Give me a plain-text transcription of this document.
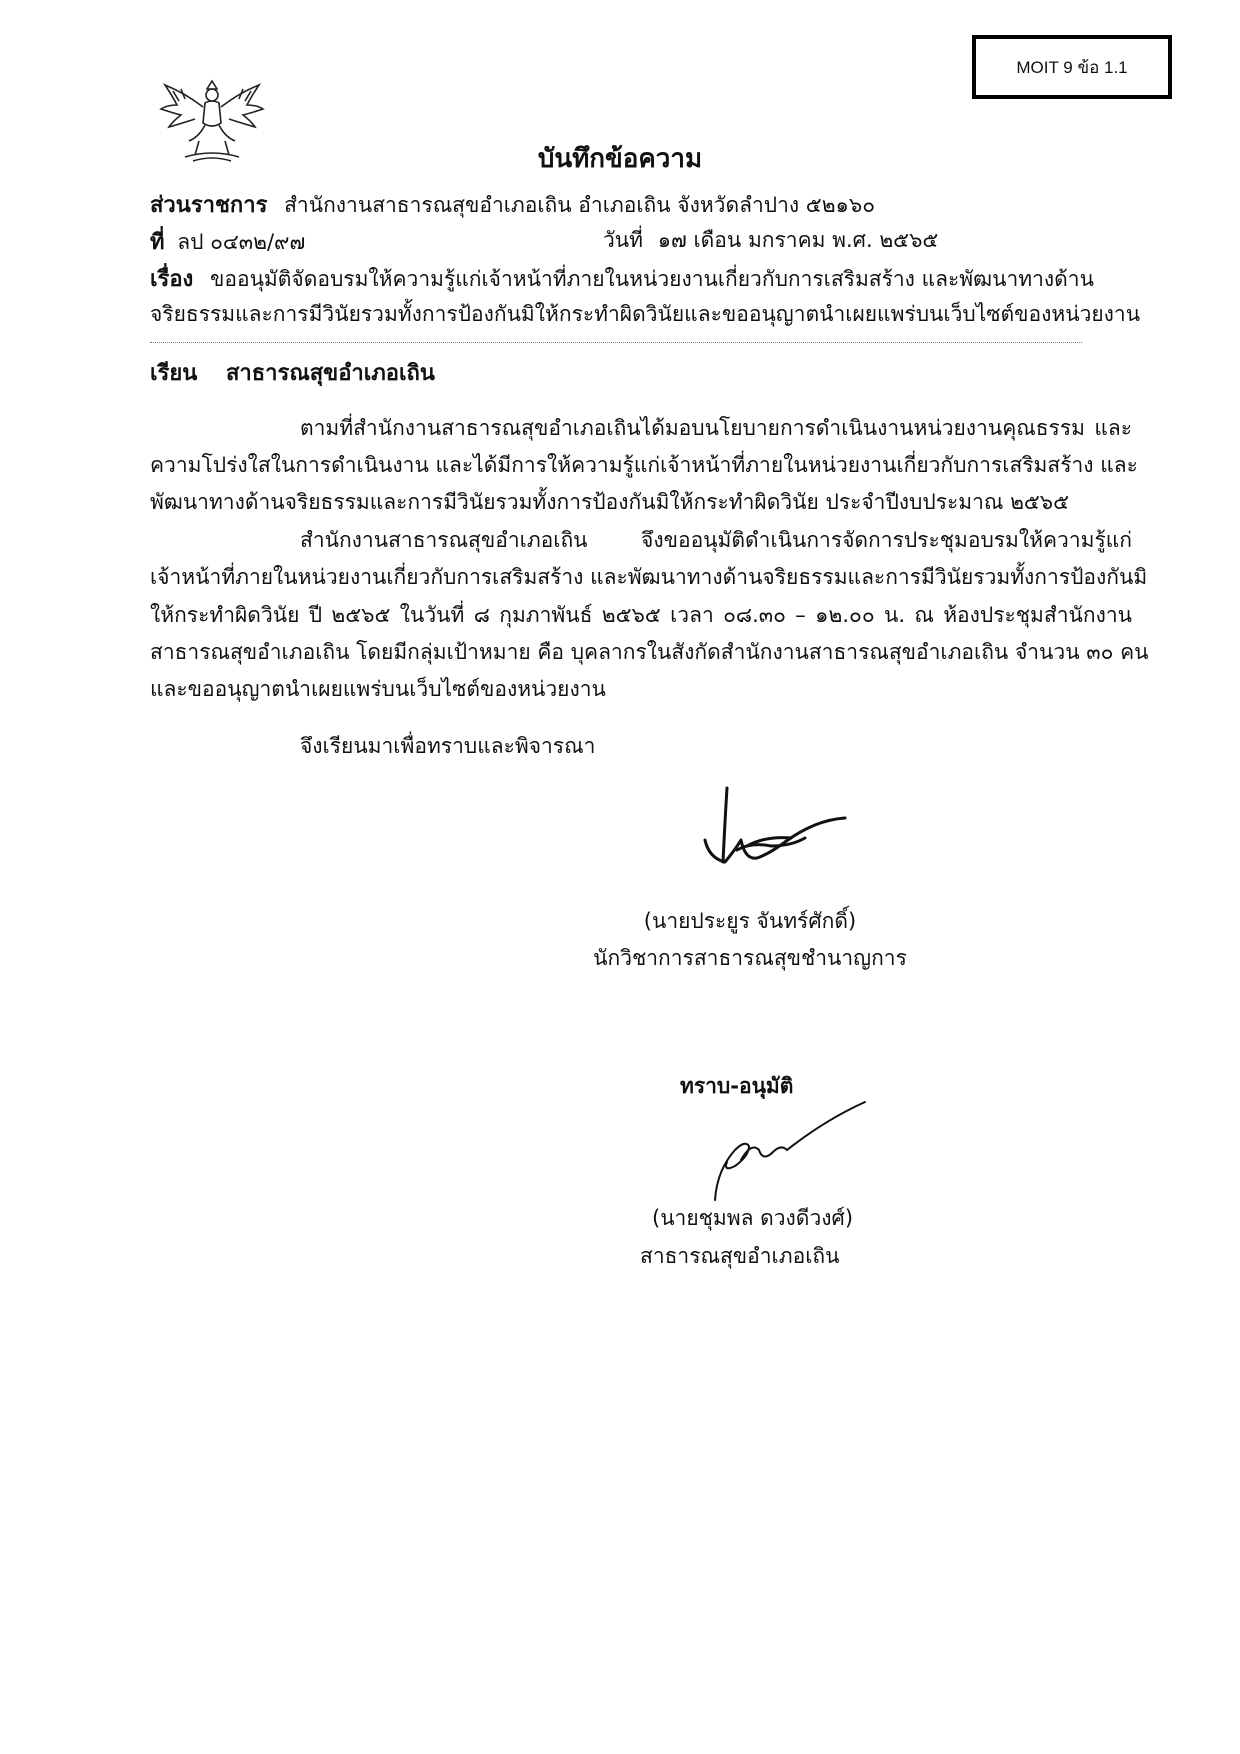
MOIT 9 ข้อ 1.1
บันทึกข้อความ
ส่วนราชการ สำนักงานสาธารณสุขอำเภอเถิน อำเภอเถิน จังหวัดลำปาง ๕๒๑๖๐
ที่ ลป ๐๔๓๒/๙๗	วันที่ ๑๗ เดือน มกราคม พ.ศ. ๒๕๖๕
เรื่อง ขออนุมัติจัดอบรมให้ความรู้แก่เจ้าหน้าที่ภายในหน่วยงานเกี่ยวกับการเสริมสร้าง และพัฒนาทางด้าน
จริยธรรมและการมีวินัยรวมทั้งการป้องกันมิให้กระทำผิดวินัยและขออนุญาตนำเผยแพร่บนเว็บไซต์ของหน่วยงาน
เรียน สาธารณสุขอำเภอเถิน
ตามที่สำนักงานสาธารณสุขอำเภอเถินได้มอบนโยบายการดำเนินงานหน่วยงานคุณธรรม และ
ความโปร่งใสในการดำเนินงาน และได้มีการให้ความรู้แก่เจ้าหน้าที่ภายในหน่วยงานเกี่ยวกับการเสริมสร้าง และ
พัฒนาทางด้านจริยธรรมและการมีวินัยรวมทั้งการป้องกันมิให้กระทำผิดวินัย ประจำปีงบประมาณ ๒๕๖๕
สำนักงานสาธารณสุขอำเภอเถิน จึงขออนุมัติดำเนินการจัดการประชุมอบรมให้ความรู้แก่
เจ้าหน้าที่ภายในหน่วยงานเกี่ยวกับการเสริมสร้าง และพัฒนาทางด้านจริยธรรมและการมีวินัยรวมทั้งการป้องกันมิ
ให้กระทำผิดวินัย ปี ๒๕๖๕ ในวันที่ ๘ กุมภาพันธ์ ๒๕๖๕ เวลา ๐๘.๓๐ – ๑๒.๐๐ น. ณ ห้องประชุมสำนักงาน
สาธารณสุขอำเภอเถิน โดยมีกลุ่มเป้าหมาย คือ บุคลากรในสังกัดสำนักงานสาธารณสุขอำเภอเถิน จำนวน ๓๐ คน
และขออนุญาตนำเผยแพร่บนเว็บไซต์ของหน่วยงาน
จึงเรียนมาเพื่อทราบและพิจารณา
(นายประยูร จันทร์ศักดิ์)
นักวิชาการสาธารณสุขชำนาญการ
ทราบ-อนุมัติ
(นายชุมพล ดวงดีวงศ์)
สาธารณสุขอำเภอเถิน
